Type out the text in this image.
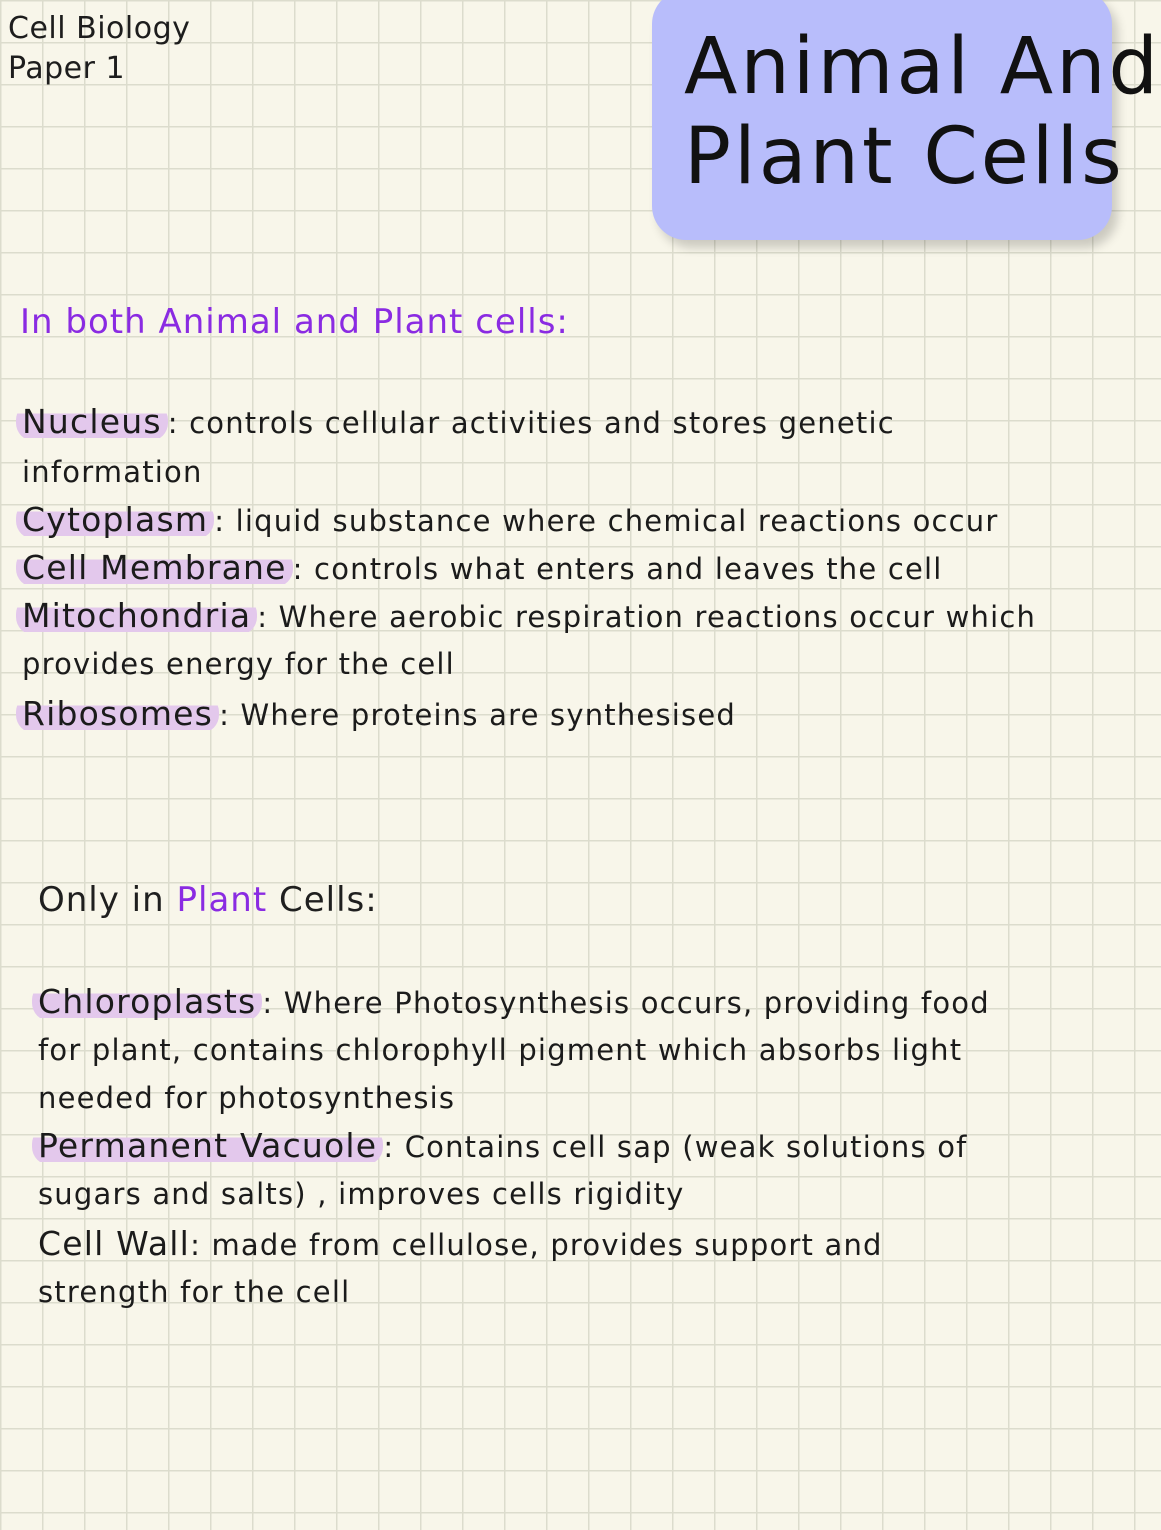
Cell Biology
Paper 1	Animal And
Plant Cells
In both Animal and Plant cells:
Nucleus : controls cellular activities and stores genetic
information
Cytoplasm : liquid substance where chemical reactions occur
Cell Membrane : controls what enters and leaves the cell
Mitochondria : Where aerobic respiration reactions occur which
provides energy for the cell
Ribosomes : Where proteins are synthesised
Only in Plant Cells:
Chloroplasts : Where Photosynthesis occurs, providing food
for plant, contains chlorophyll pigment which absorbs light
needed for photosynthesis
Permanent Vacuole : Contains cell sap (weak solutions of
sugars and salts) , improves cells rigidity
Cell Wall: made from cellulose, provides support and
strength for the cell
